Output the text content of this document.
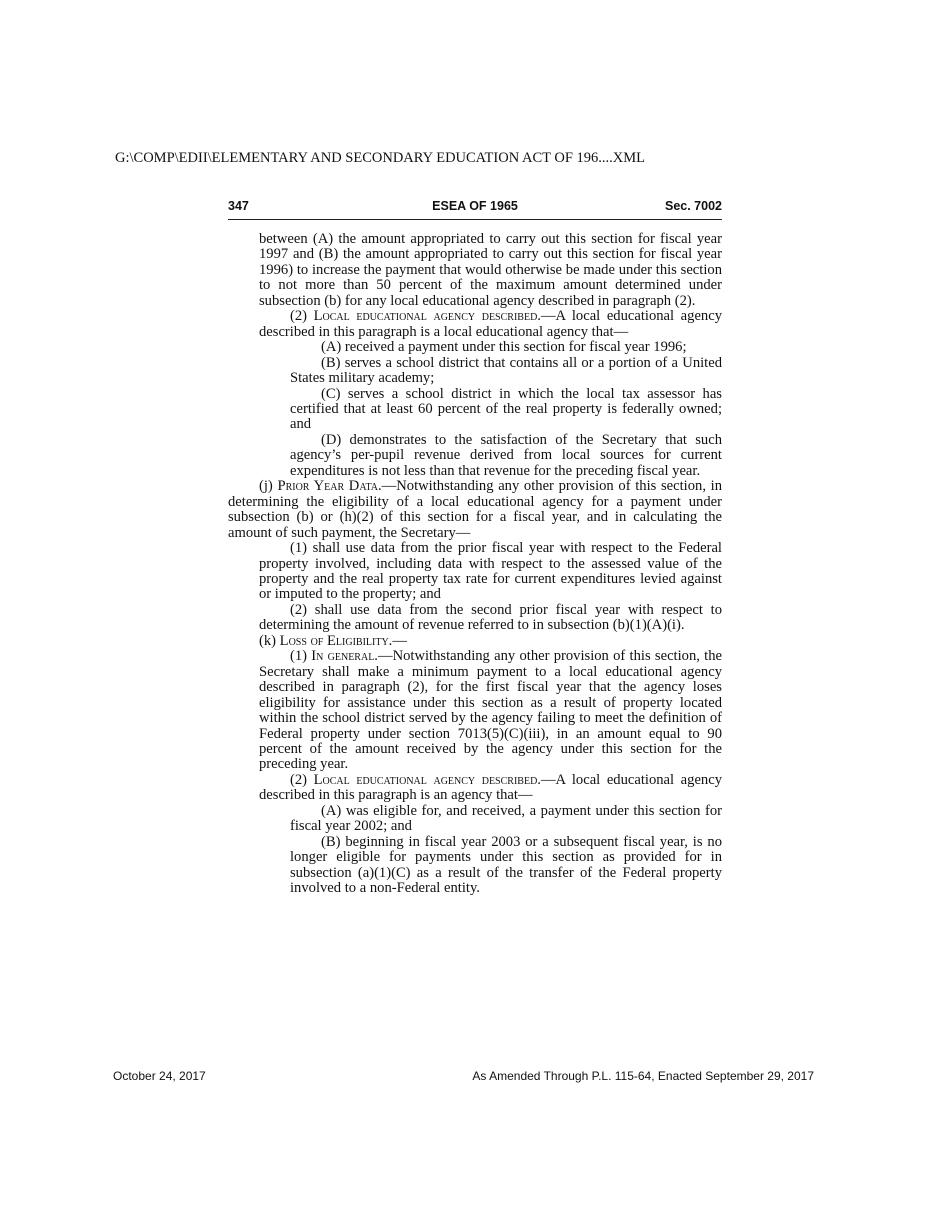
G:\COMP\EDII\ELEMENTARY AND SECONDARY EDUCATION ACT OF 196....XML
347	ESEA OF 1965	Sec. 7002

between (A) the amount appropriated to carry out this section for fiscal year 1997 and (B) the amount appropriated to carry out this section for fiscal year 1996) to increase the payment that would otherwise be made under this section to not more than 50 percent of the maximum amount determined under subsection (b) for any local educational agency described in paragraph (2).

(2) Local educational agency described.—A local educational agency described in this paragraph is a local educational agency that—

(A) received a payment under this section for fiscal year 1996;

(B) serves a school district that contains all or a portion of a United States military academy;

(C) serves a school district in which the local tax assessor has certified that at least 60 percent of the real property is federally owned; and

(D) demonstrates to the satisfaction of the Secretary that such agency’s per-pupil revenue derived from local sources for current expenditures is not less than that revenue for the preceding fiscal year.

(j) Prior Year Data.—Notwithstanding any other provision of this section, in determining the eligibility of a local educational agency for a payment under subsection (b) or (h)(2) of this section for a fiscal year, and in calculating the amount of such payment, the Secretary—

(1) shall use data from the prior fiscal year with respect to the Federal property involved, including data with respect to the assessed value of the property and the real property tax rate for current expenditures levied against or imputed to the property; and

(2) shall use data from the second prior fiscal year with respect to determining the amount of revenue referred to in subsection (b)(1)(A)(i).

(k) Loss of Eligibility.—

(1) In general.—Notwithstanding any other provision of this section, the Secretary shall make a minimum payment to a local educational agency described in paragraph (2), for the first fiscal year that the agency loses eligibility for assistance under this section as a result of property located within the school district served by the agency failing to meet the definition of Federal property under section 7013(5)(C)(iii), in an amount equal to 90 percent of the amount received by the agency under this section for the preceding year.

(2) Local educational agency described.—A local educational agency described in this paragraph is an agency that—

(A) was eligible for, and received, a payment under this section for fiscal year 2002; and

(B) beginning in fiscal year 2003 or a subsequent fiscal year, is no longer eligible for payments under this section as provided for in subsection (a)(1)(C) as a result of the transfer of the Federal property involved to a non-Federal entity.

October 24, 2017	As Amended Through P.L. 115-64, Enacted September 29, 2017
